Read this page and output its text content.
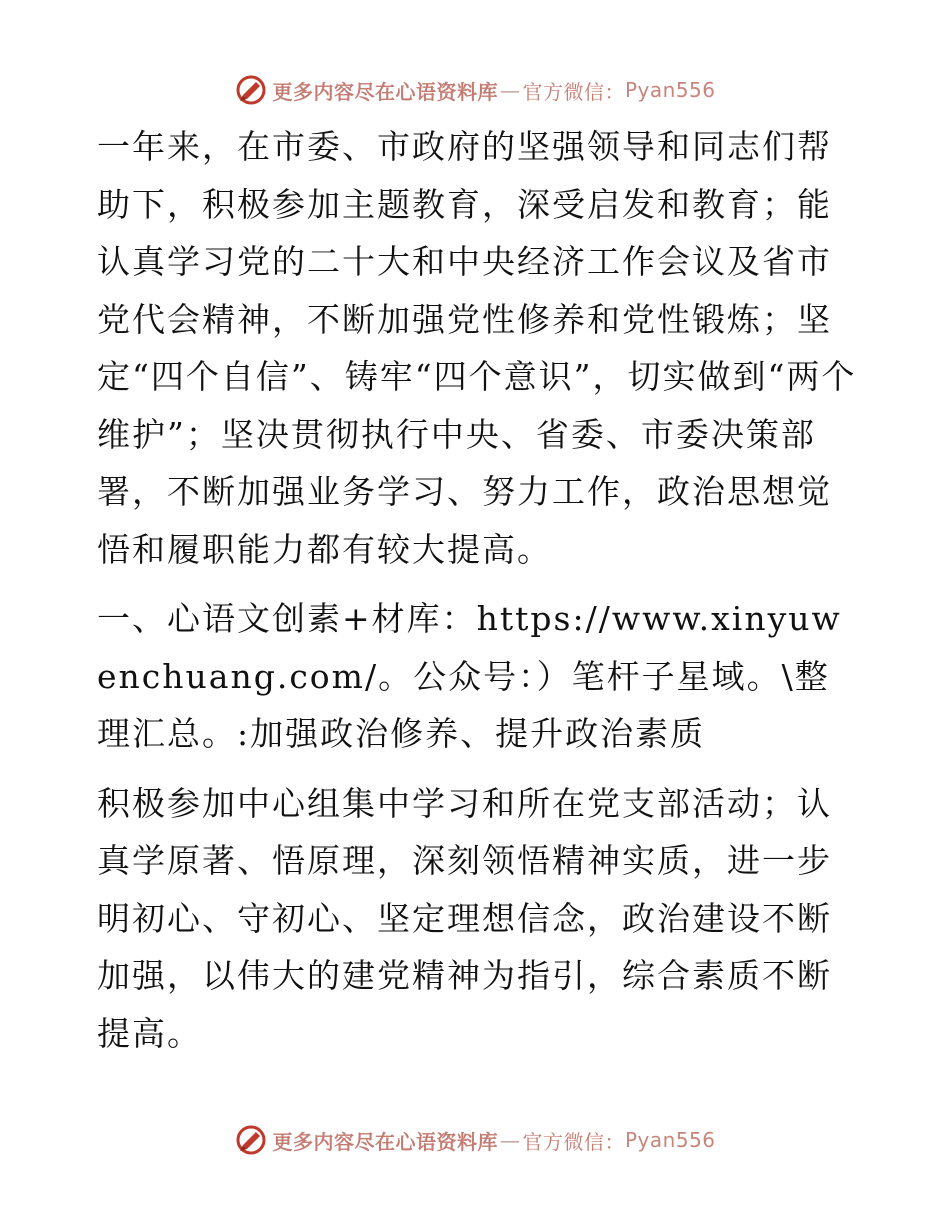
更多内容尽在心语资料库 — 官方微信： Pyan556

一年来，在市委、市政府的坚强领导和同志们帮助下，积极参加主题教育，深受启发和教育；能认真学习党的二十大和中央经济工作会议及省市党代会精神，不断加强党性修养和党性锻炼；坚定“四个自信”、铸牢“四个意识”，切实做到“两个维护”；坚决贯彻执行中央、省委、市委决策部署，不断加强业务学习、努力工作，政治思想觉悟和履职能力都有较大提高。

一、心语文创素+材库：https://www.xinyuwenchuang.com/。公众号：）笔杆子星域。\整理汇总。:加强政治修养、提升政治素质

积极参加中心组集中学习和所在党支部活动；认真学原著、悟原理，深刻领悟精神实质，进一步明初心、守初心、坚定理想信念，政治建设不断加强，以伟大的建党精神为指引，综合素质不断提高。

更多内容尽在心语资料库 — 官方微信： Pyan556
